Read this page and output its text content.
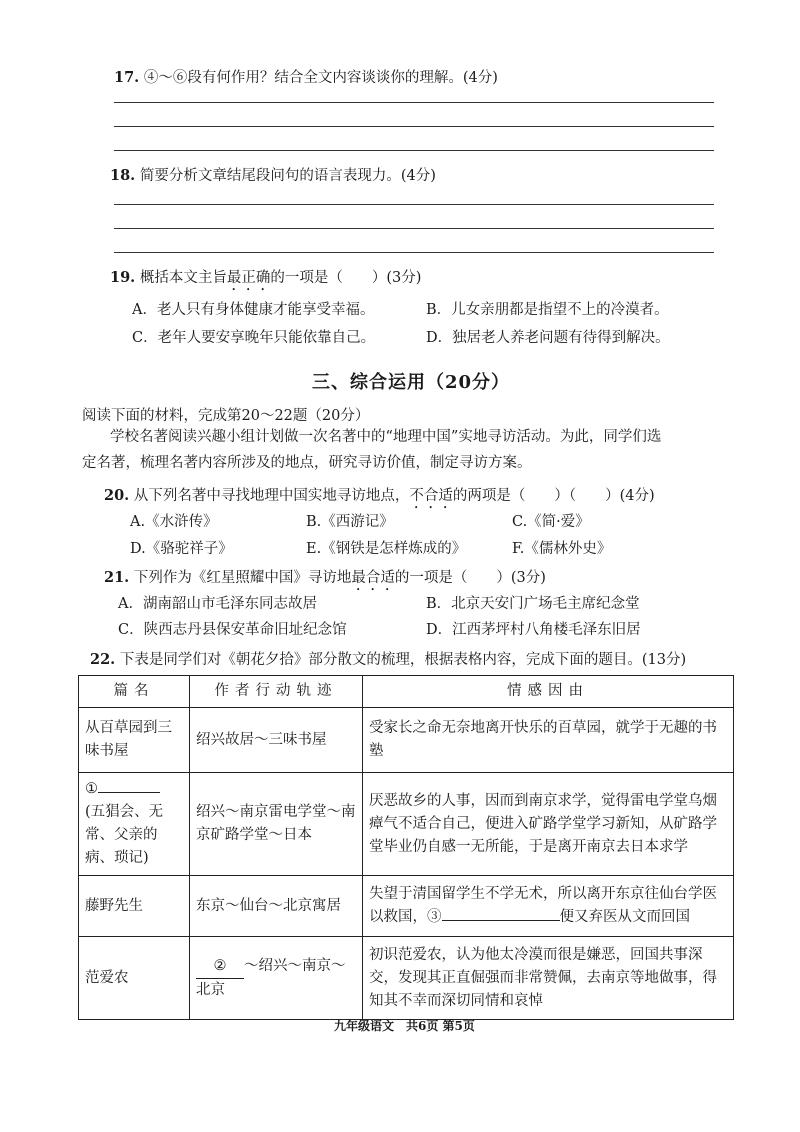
17. ④～⑥段有何作用？结合全文内容谈谈你的理解。(4分)
18. 简要分析文章结尾段问句的语言表现力。(4分)
19. 概括本文主旨最正确的一项是（　　）(3分)
A．老人只有身体健康才能享受幸福。	B．儿女亲朋都是指望不上的冷漠者。
C．老年人要安享晚年只能依靠自己。	D．独居老人养老问题有待得到解决。
三、综合运用（20分）
阅读下面的材料，完成第20～22题（20分）
学校名著阅读兴趣小组计划做一次名著中的“地理中国”实地寻访活动。为此，同学们选
定名著，梳理名著内容所涉及的地点，研究寻访价值，制定寻访方案。
20. 从下列名著中寻找地理中国实地寻访地点，不合适的两项是（　　）（　　）(4分)
A.《水浒传》	B.《西游记》	C.《简·爱》
D.《骆驼祥子》	E.《钢铁是怎样炼成的》	F.《儒林外史》
21. 下列作为《红星照耀中国》寻访地最合适的一项是（　　）(3分)
A．湖南韶山市毛泽东同志故居	B．北京天安门广场毛主席纪念堂
C．陕西志丹县保安革命旧址纪念馆	D．江西茅坪村八角楼毛泽东旧居
22. 下表是同学们对《朝花夕拾》部分散文的梳理，根据表格内容，完成下面的题目。(13分)
篇名	作者行动轨迹	情感因由
从百草园到三味书屋	绍兴故居～三味书屋	受家长之命无奈地离开快乐的百草园，就学于无趣的书塾
①
(五猖会、无常、父亲的病、琐记)	绍兴～南京雷电学堂～南京矿路学堂～日本	厌恶故乡的人事，因而到南京求学，觉得雷电学堂乌烟瘴气不适合自己，便进入矿路学堂学习新知，从矿路学堂毕业仍自感一无所能，于是离开南京去日本求学
藤野先生	东京～仙台～北京寓居	失望于清国留学生不学无术，所以离开东京往仙台学医以救国，③ 便又弃医从文而回国
范爱农	② ～绍兴～南京～北京	初识范爱农，认为他太冷漠而很是嫌恶，回国共事深交，发现其正直倔强而非常赞佩，去南京等地做事，得知其不幸而深切同情和哀悼
九年级语文　共6页 第5页
